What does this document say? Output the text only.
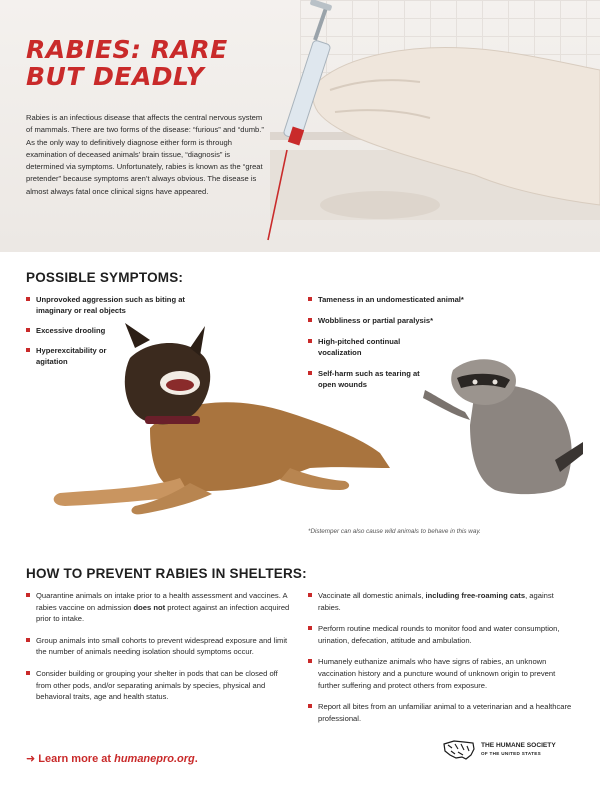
RABIES: RARE
BUT DEADLY

Rabies is an infectious disease that affects the central nervous system of mammals. There are two forms of the disease: “furious” and “dumb.” As the only way to definitively diagnose either form is through examination of deceased animals’ brain tissue, “diagnosis” is determined via symptoms. Unfortunately, rabies is known as the “great pretender” because symptoms aren’t always obvious. The disease is almost always fatal once clinical signs have appeared.

POSSIBLE SYMPTOMS:
Unprovoked aggression such as biting at imaginary or real objects
Excessive drooling
Hyperexcitability or agitation
Tameness in an undomesticated animal*
Wobbliness or partial paralysis*
High-pitched continual vocalization
Self-harm such as tearing at open wounds

*Distemper can also cause wild animals to behave in this way.

HOW TO PREVENT RABIES IN SHELTERS:
Quarantine animals on intake prior to a health assessment and vaccines. A rabies vaccine on admission does not protect against an infection acquired prior to intake.
Group animals into small cohorts to prevent widespread exposure and limit the number of animals needing isolation should symptoms occur.
Consider building or grouping your shelter in pods that can be closed off from other pods, and/or separating animals by species, physical and behavioral traits, age and health status.
Vaccinate all domestic animals, including free-roaming cats, against rabies.
Perform routine medical rounds to monitor food and water consumption, urination, defecation, attitude and ambulation.
Humanely euthanize animals who have signs of rabies, an unknown vaccination history and a puncture wound of unknown origin to prevent further suffering and protect others from exposure.
Report all bites from an unfamiliar animal to a veterinarian and a healthcare professional.

➜ Learn more at humanepro.org.

THE HUMANE SOCIETY
OF THE UNITED STATES
